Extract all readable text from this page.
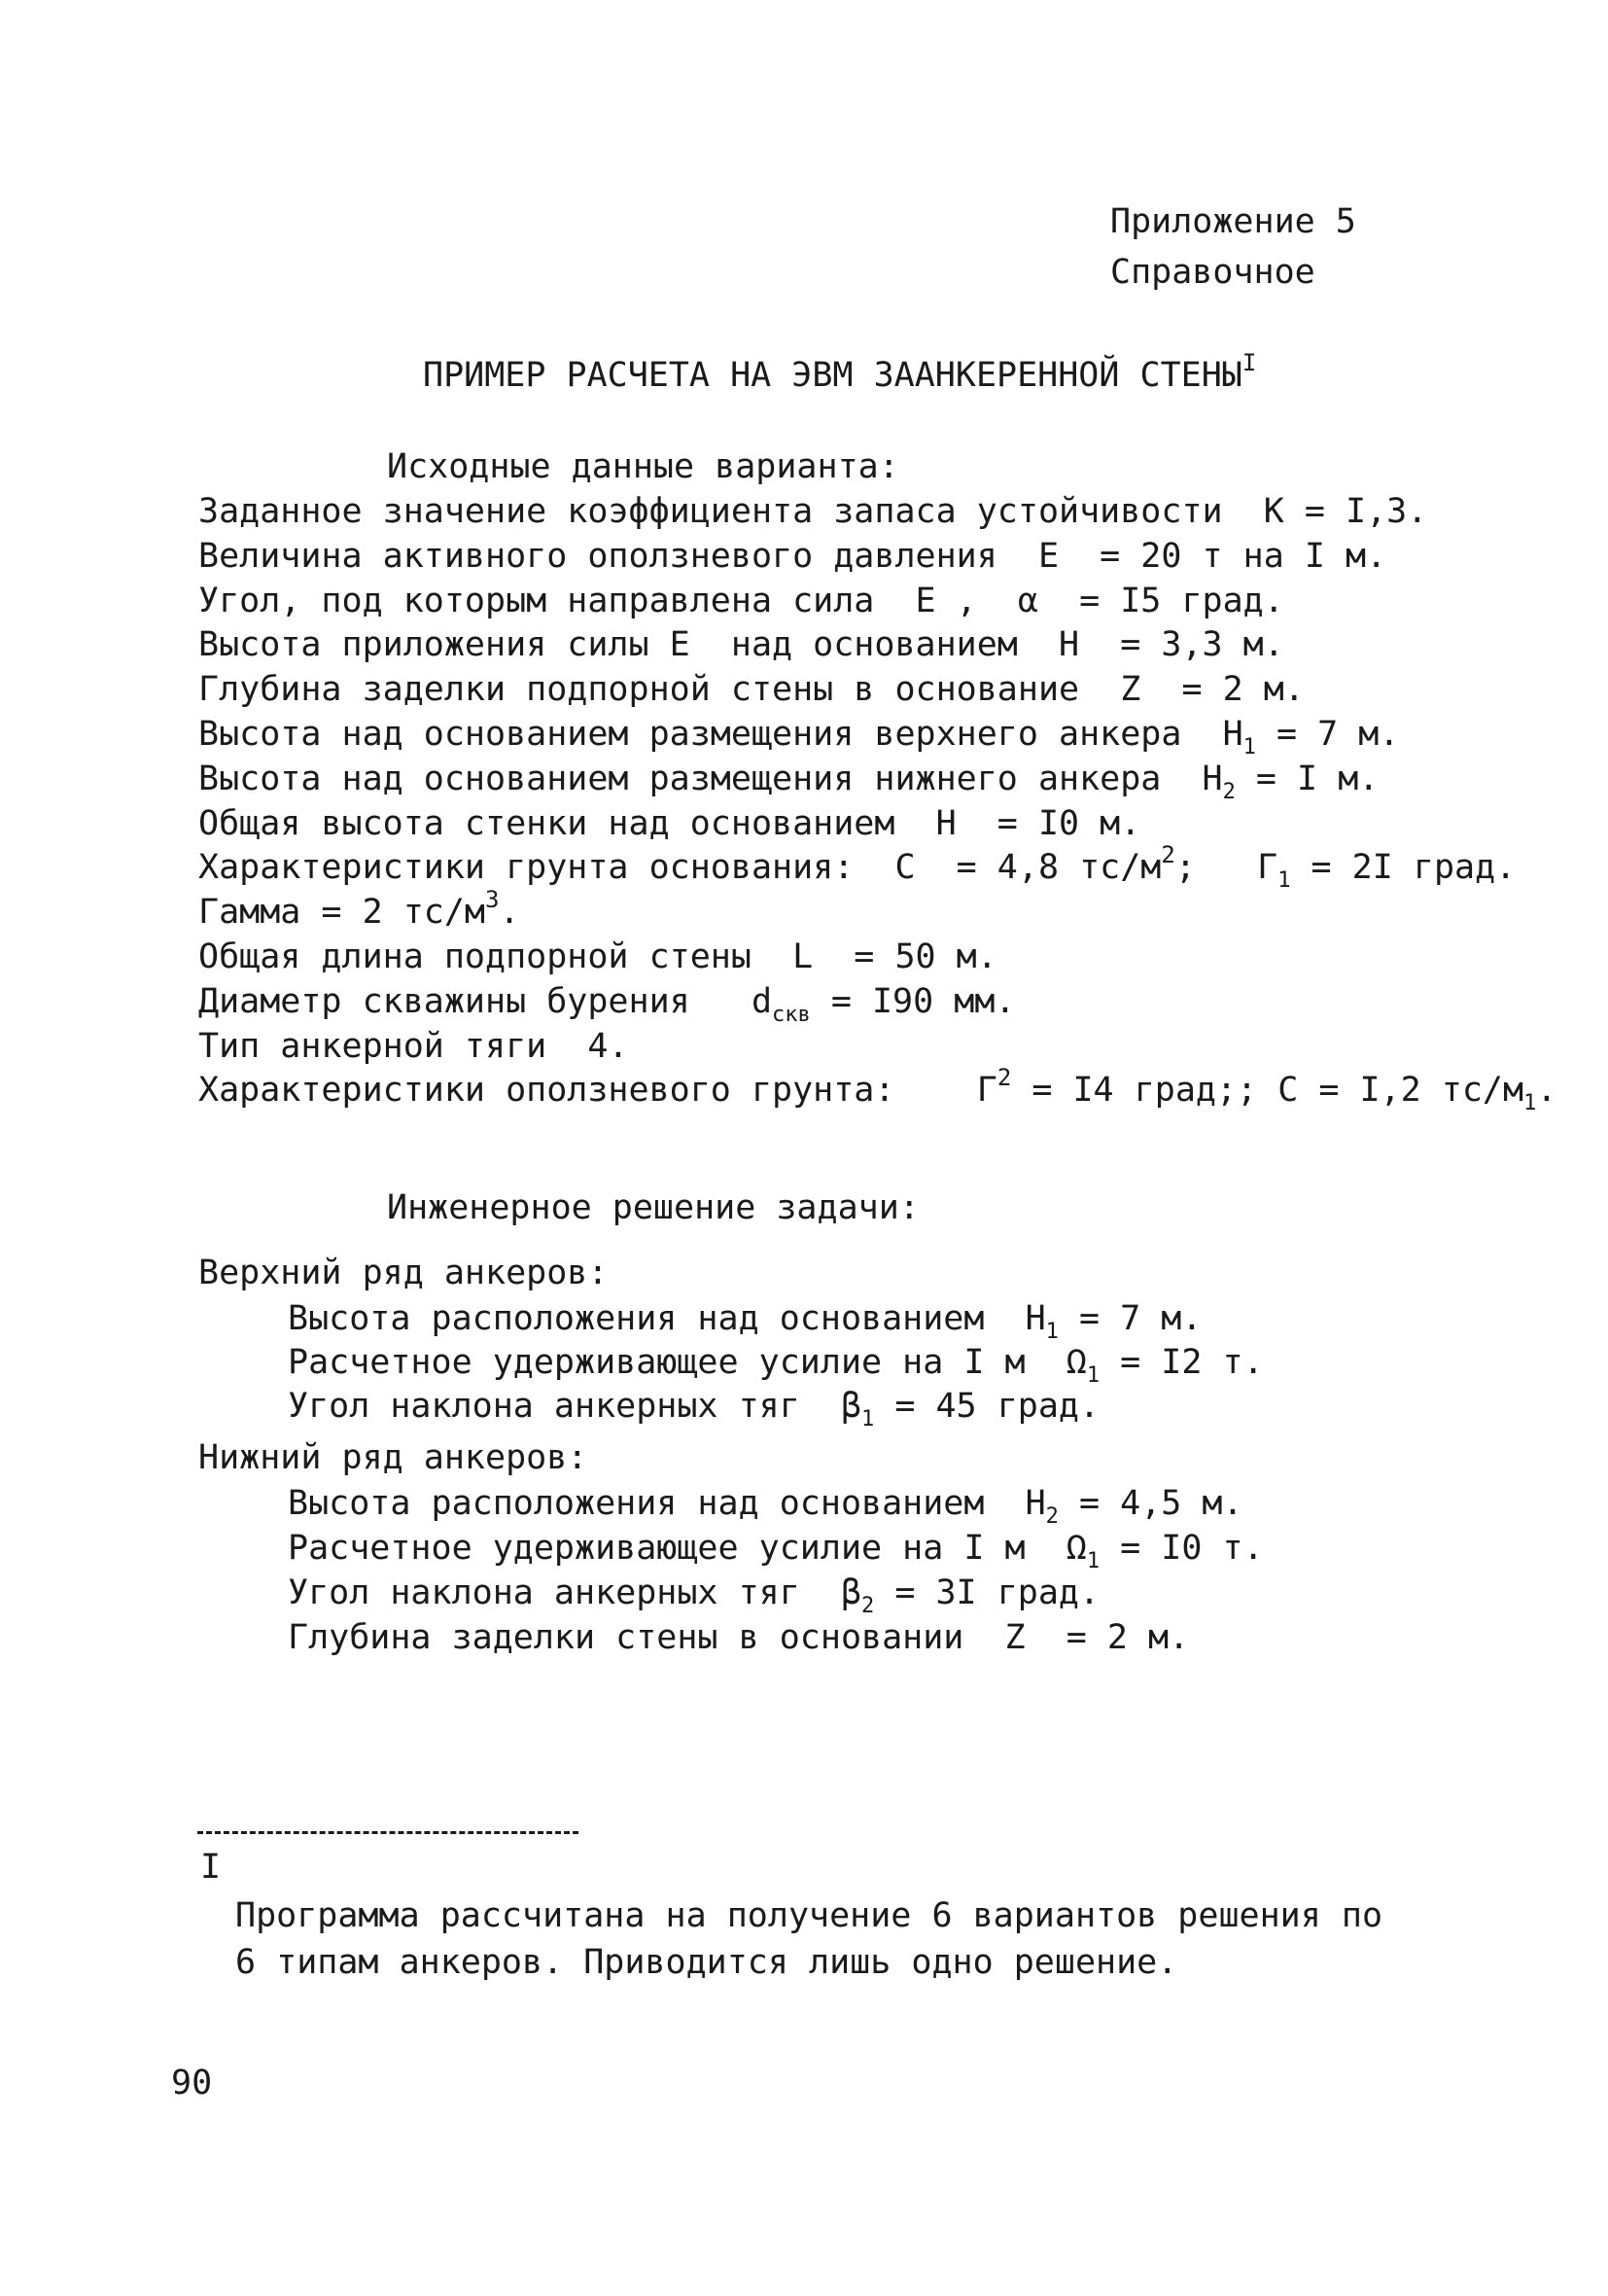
Приложение 5
Справочное
ПРИМЕР РАСЧЕТА НА ЭВМ ЗААНКЕРЕННОЙ $СТЕНЫ^I$
Исходные данные варианта:
Заданное значение коэффициента запаса устойчивости  K = I,3.
Величина активного оползневого давления  E  = 20 т на I м.
Угол, под которым направлена сила  E ,  α  = I5 град.
Высота приложения силы E  над основанием  H  = 3,3 м.
Глубина заделки подпорной стены в основание  Z  = 2 м.
Высота над основанием размещения верхнего анкера  $H_1 = 7$ м.
Высота над основанием размещения нижнего анкера  $H_2 = I$ м.
Общая высота стенки над основанием  H  = I0 м.
Характеристики грунта основания:  C  = 4,8 $тс/м^2$;   $Г_1 = 2I$ град.
Гамма = 2 $тс/м^3$.
Общая длина подпорной стены  L  = 50 м.
Диаметр скважины бурения   $d_{скв} = I90$ мм.
Тип анкерной тяги  4.
Характеристики оползневого грунта:    $Г^2 = I4$ град;; C = I,2 $тс/м_1$.
Инженерное решение задачи:
Верхний ряд анкеров:
Высота расположения над основанием  $H_1 = 7$ м.
Расчетное удерживающее усилие на I м  $\Omega_1 = I2$ т.
Угол наклона анкерных тяг  $\beta_1 = 45$ град.
Нижний ряд анкеров:
Высота расположения над основанием  $H_2 = 4,5$ м.
Расчетное удерживающее усилие на I м  $\Omega_1 = I0$ т.
Угол наклона анкерных тяг  $\beta_2 = 3I$ град.
Глубина заделки стены в основании  Z  = 2 м.
I
Программа рассчитана на получение 6 вариантов решения по
6 типам анкеров. Приводится лишь одно решение.
90
